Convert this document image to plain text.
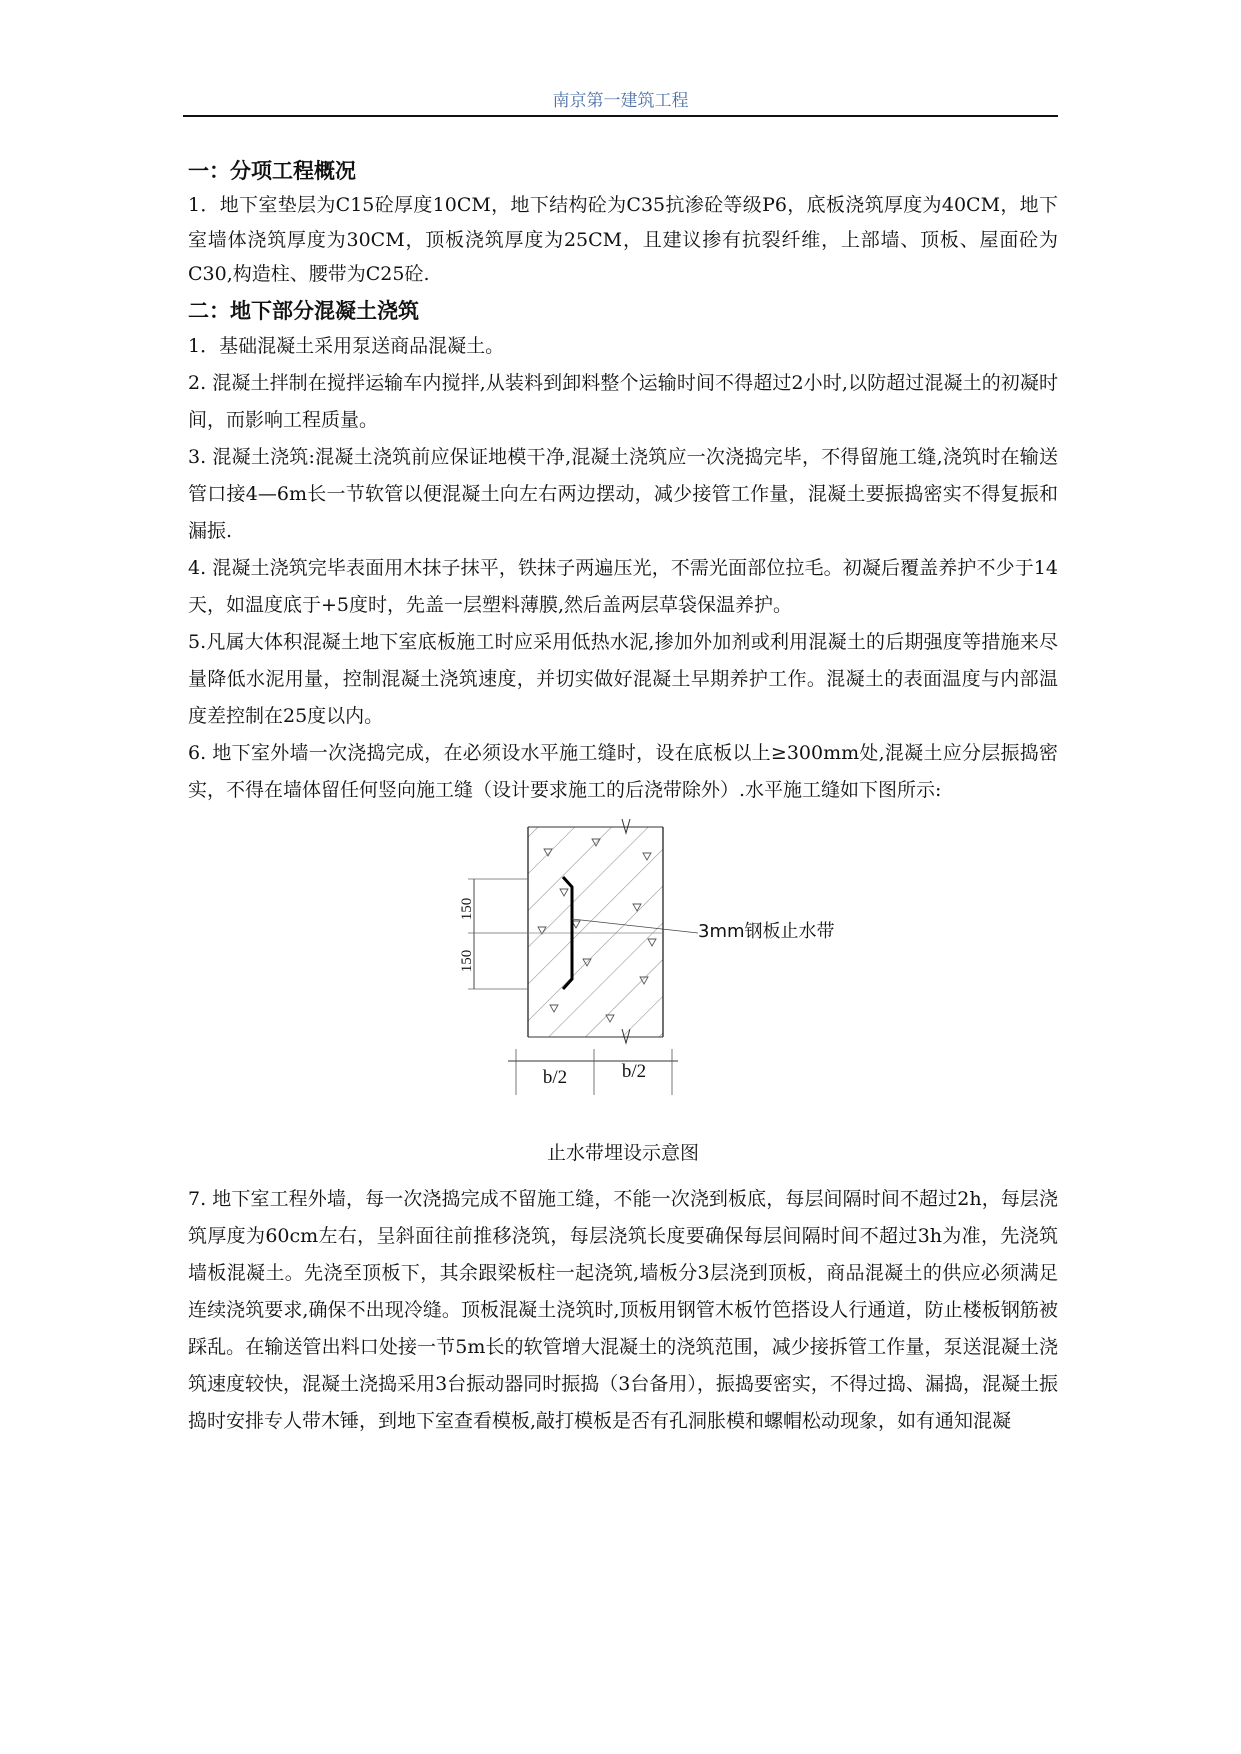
南京第一建筑工程
一：分项工程概况

1．地下室垫层为C15砼厚度10CM，地下结构砼为C35抗渗砼等级P6，底板浇筑厚度为40CM，地下室墙体浇筑厚度为30CM，顶板浇筑厚度为25CM，且建议掺有抗裂纤维，上部墙、顶板、屋面砼为C30,构造柱、腰带为C25砼.

二：地下部分混凝土浇筑

1．基础混凝土采用泵送商品混凝土。

2. 混凝土拌制在搅拌运输车内搅拌,从装料到卸料整个运输时间不得超过2小时,以防超过混凝土的初凝时间，而影响工程质量。

3. 混凝土浇筑:混凝土浇筑前应保证地模干净,混凝土浇筑应一次浇捣完毕，不得留施工缝,浇筑时在输送管口接4—6m长一节软管以便混凝土向左右两边摆动，减少接管工作量，混凝土要振捣密实不得复振和漏振.

4. 混凝土浇筑完毕表面用木抹子抹平，铁抹子两遍压光，不需光面部位拉毛。初凝后覆盖养护不少于14天，如温度底于+5度时，先盖一层塑料薄膜,然后盖两层草袋保温养护。

5.凡属大体积混凝土地下室底板施工时应采用低热水泥,掺加外加剂或利用混凝土的后期强度等措施来尽量降低水泥用量，控制混凝土浇筑速度，并切实做好混凝土早期养护工作。混凝土的表面温度与内部温度差控制在25度以内。

6. 地下室外墙一次浇捣完成，在必须设水平施工缝时，设在底板以上≥300mm处,混凝土应分层振捣密实，不得在墙体留任何竖向施工缝（设计要求施工的后浇带除外）.水平施工缝如下图所示:

3mm钢板止水带
150
150
b/2	b/2
止水带埋设示意图

7. 地下室工程外墙，每一次浇捣完成不留施工缝，不能一次浇到板底，每层间隔时间不超过2h，每层浇筑厚度为60cm左右，呈斜面往前推移浇筑，每层浇筑长度要确保每层间隔时间不超过3h为准，先浇筑墙板混凝土。先浇至顶板下，其余跟梁板柱一起浇筑,墙板分3层浇到顶板，商品混凝土的供应必须满足连续浇筑要求,确保不出现冷缝。顶板混凝土浇筑时,顶板用钢管木板竹笆搭设人行通道，防止楼板钢筋被踩乱。在输送管出料口处接一节5m长的软管增大混凝土的浇筑范围，减少接拆管工作量，泵送混凝土浇筑速度较快，混凝土浇捣采用3台振动器同时振捣（3台备用），振捣要密实，不得过捣、漏捣，混凝土振捣时安排专人带木锤，到地下室查看模板,敲打模板是否有孔洞胀模和螺帽松动现象，如有通知混凝
